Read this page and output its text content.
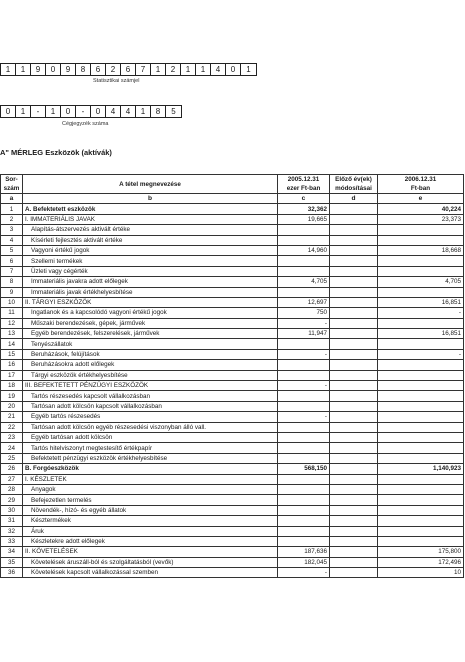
1	1	9	0	9	8	6	2	6	7	1	2	1	1	4	0	1
Statisztikai számjel
0	1	-	1	0	-	0	4	4	1	8	5
Cégjegyzék száma
A" MÉRLEG Eszközök (aktívák)
Sor-
szám	A tétel megnevezése	2005.12.31
ezer Ft-ban	Előző év(ek)
módosításai	2006.12.31
Ft-ban
a	b	c	d	e
1	A. Befektetett eszközök	32,362		40,224
2	I. IMMATERIÁLIS JAVAK	19,665		23,373
3	Alapítás-átszervezés aktivált értéke			
4	Kísérleti fejlesztés aktivált értéke			
5	Vagyoni értékű jogok	14,960		18,668
6	Szellemi termékek			
7	Üzleti vagy cégérték			
8	Immateriális javakra adott előlegek	4,705		4,705
9	Immateriális javak értékhelyesbítése			
10	II. TÁRGYI ESZKÖZÖK	12,697		16,851
11	Ingatlanok és a kapcsolódó vagyoni értékű jogok	750		-
12	Műszaki berendezések, gépek, járművek	-		
13	Egyéb berendezések, felszerelések, járművek	11,947		16,851
14	Tenyészállatok			
15	Beruházások, felújítások	-		-
16	Beruházásokra adott előlegek			
17	Tárgyi eszközök értékhelyesbítése			
18	III. BEFEKTETETT PÉNZÜGYI ESZKÖZÖK	-		
19	Tartós részesedés kapcsolt vállalkozásban			
20	Tartósan adott kölcsön kapcsolt vállalkozásban			
21	Egyéb tartós részesedés	-		
22	Tartósan adott kölcsön egyéb részesedési viszonyban álló vall.			
23	Egyéb tartósan adott kölcsön			
24	Tartós hitelviszonyt megtestesítő értékpapír			
25	Befektetett pénzügyi eszközök értékhelyesbítése			
26	B. Forgóeszközök	568,150		1,140,923
27	I. KÉSZLETEK			
28	Anyagok			
29	Befejezetlen termelés			
30	Növendék-, hízó- és egyéb állatok			
31	Késztermékek			
32	Áruk			
33	Készletekre adott előlegek			
34	II. KÖVETELÉSEK	187,636		175,800
35	Követelések áruszáll-ból és szolgáltatásból (vevők)	182,045		172,496
36	Követelések kapcsolt vállalkozással szemben	-		10
